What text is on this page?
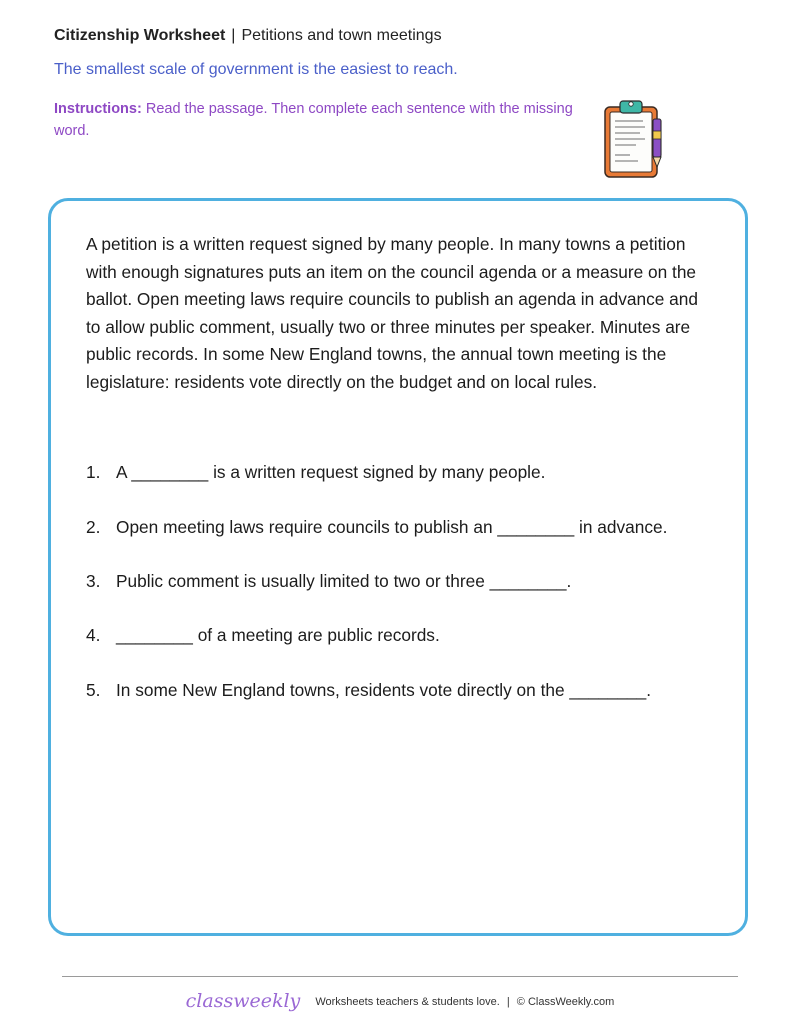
Citizenship Worksheet | Petitions and town meetings
The smallest scale of government is the easiest to reach.
Instructions: Read the passage. Then complete each sentence with the missing word.
A petition is a written request signed by many people. In many towns a petition with enough signatures puts an item on the council agenda or a measure on the ballot. Open meeting laws require councils to publish an agenda in advance and to allow public comment, usually two or three minutes per speaker. Minutes are public records. In some New England towns, the annual town meeting is the legislature: residents vote directly on the budget and on local rules.
1. A ________ is a written request signed by many people.
2. Open meeting laws require councils to publish an ________ in advance.
3. Public comment is usually limited to two or three ________.
4. ________ of a meeting are public records.
5. In some New England towns, residents vote directly on the ________.
classweekly Worksheets teachers & students love. | © ClassWeekly.com
